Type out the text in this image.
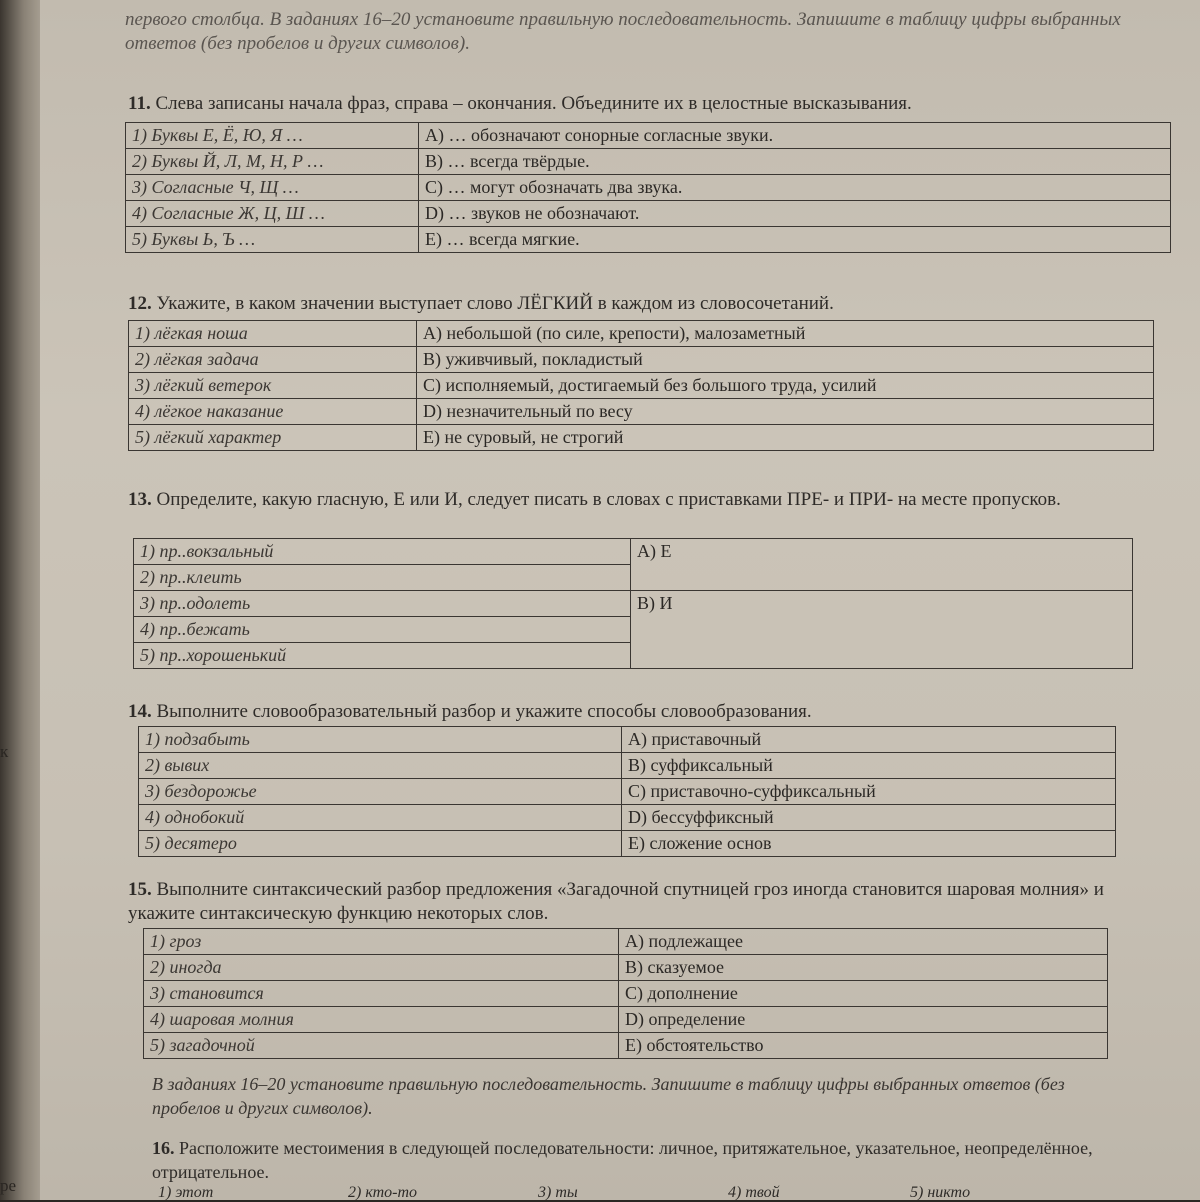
к
ре
первого столбца. В заданиях 16–20 установите правильную последовательность. Запишите в таблицу цифры выбранных ответов (без пробелов и других символов).
11. Слева записаны начала фраз, справа – окончания. Объедините их в целостные высказывания.
1) Буквы Е, Ё, Ю, Я …	A) … обозначают сонорные согласные звуки.
2) Буквы Й, Л, М, Н, Р …	B) … всегда твёрдые.
3) Согласные Ч, Щ …	C) … могут обозначать два звука.
4) Согласные Ж, Ц, Ш …	D) … звуков не обозначают.
5) Буквы Ь, Ъ …	E) … всегда мягкие.
12. Укажите, в каком значении выступает слово ЛЁГКИЙ в каждом из словосочетаний.
1) лёгкая ноша	A) небольшой (по силе, крепости), малозаметный
2) лёгкая задача	B) уживчивый, покладистый
3) лёгкий ветерок	C) исполняемый, достигаемый без большого труда, усилий
4) лёгкое наказание	D) незначительный по весу
5) лёгкий характер	E) не суровый, не строгий
13. Определите, какую гласную, Е или И, следует писать в словах с приставками ПРЕ- и ПРИ- на месте пропусков.
1) пр..вокзальный	A) Е
2) пр..клеить	
3) пр..одолеть	B) И
4) пр..бежать	
5) пр..хорошенький	
14. Выполните словообразовательный разбор и укажите способы словообразования.
1) подзабыть	A) приставочный
2) вывих	B) суффиксальный
3) бездорожье	C) приставочно-суффиксальный
4) однобокий	D) бессуффиксный
5) десятеро	E) сложение основ
15. Выполните синтаксический разбор предложения «Загадочной спутницей гроз иногда становится шаровая молния» и укажите синтаксическую функцию некоторых слов.
1) гроз	A) подлежащее
2) иногда	B) сказуемое
3) становится	C) дополнение
4) шаровая молния	D) определение
5) загадочной	E) обстоятельство
В заданиях 16–20 установите правильную последовательность. Запишите в таблицу цифры выбранных ответов (без пробелов и других символов).
16. Расположите местоимения в следующей последовательности: личное, притяжательное, указательное, неопределённое, отрицательное.
1) этот	2) кто-то	3) ты	4) твой	5) никто
